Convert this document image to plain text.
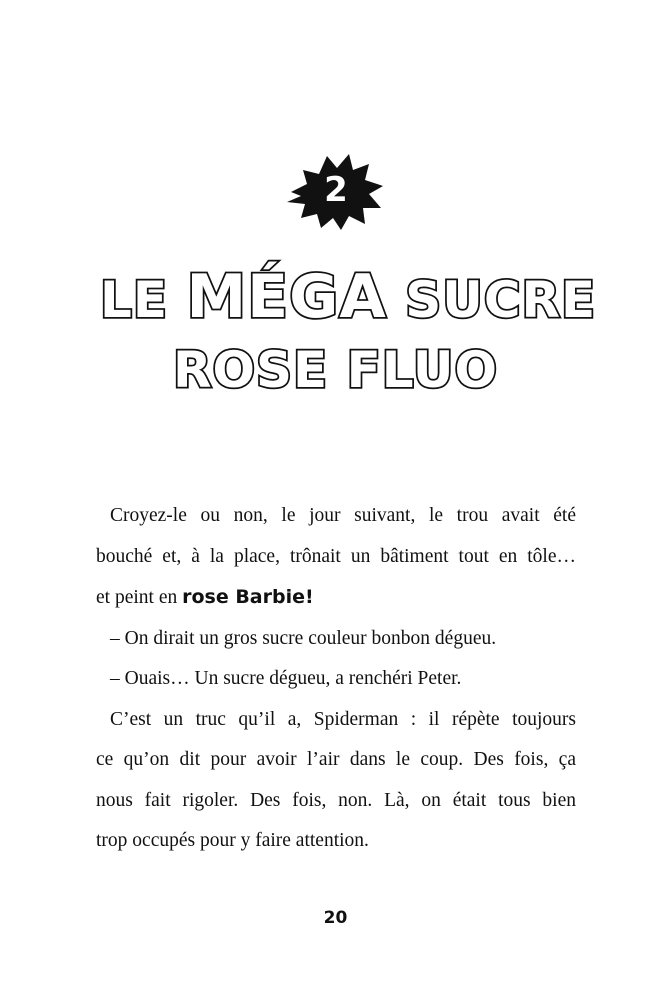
2
LE MÉGA SUCRE
ROSE FLUO

Croyez-le ou non, le jour suivant, le trou avait été
bouché et, à la place, trônait un bâtiment tout en tôle…
et peint en rose Barbie!

– On dirait un gros sucre couleur bonbon dégueu.

– Ouais… Un sucre dégueu, a renchéri Peter.

C’est un truc qu’il a, Spiderman : il répète toujours
ce qu’on dit pour avoir l’air dans le coup. Des fois, ça
nous fait rigoler. Des fois, non. Là, on était tous bien
trop occupés pour y faire attention.

20
